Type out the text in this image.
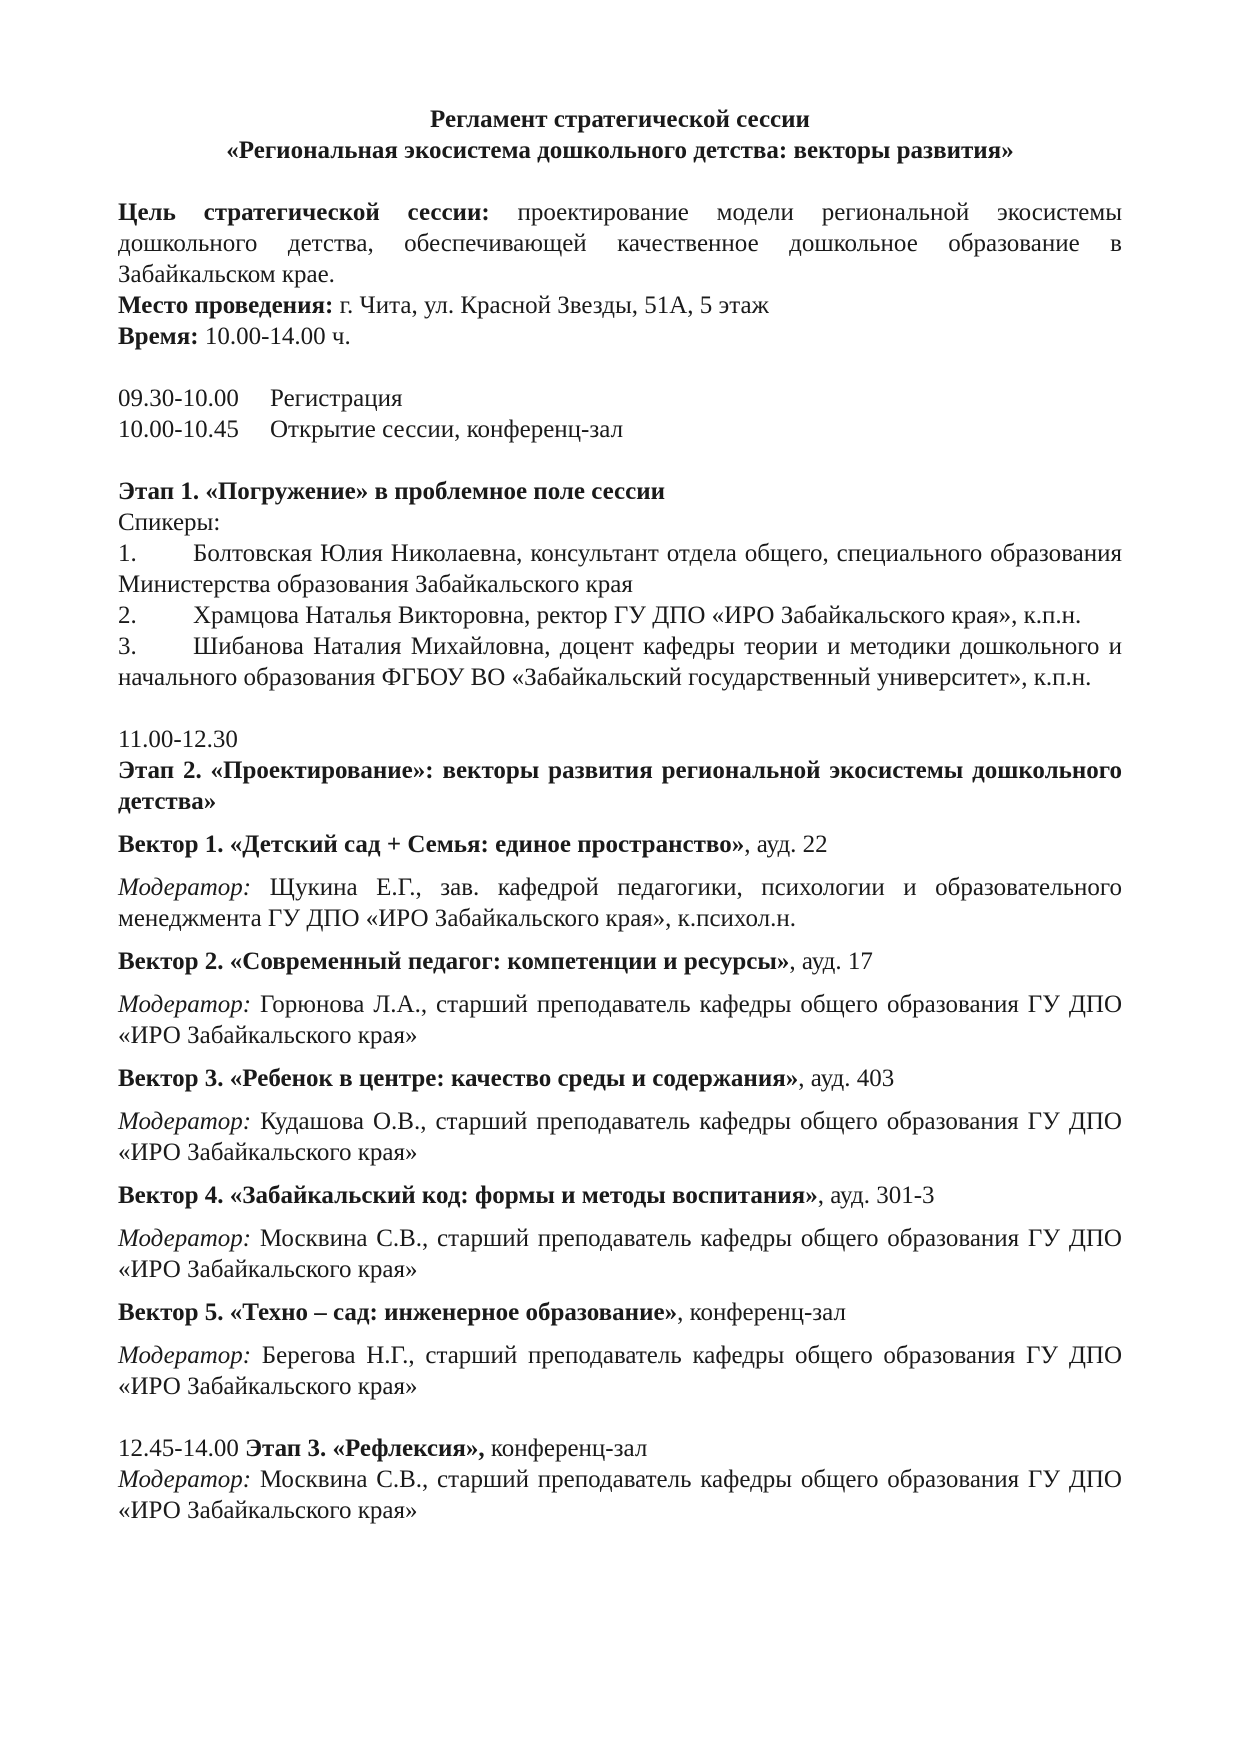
Регламент стратегической сессии
«Региональная экосистема дошкольного детства: векторы развития»
Цель стратегической сессии: проектирование модели региональной экосистемы дошкольного детства, обеспечивающей качественное дошкольное образование в Забайкальском крае.
Место проведения: г. Чита, ул. Красной Звезды, 51А, 5 этаж
Время: 10.00-14.00 ч.
09.30-10.00 Регистрация
10.00-10.45 Открытие сессии, конференц-зал
Этап 1. «Погружение» в проблемное поле сессии
Спикеры:
1. Болтовская Юлия Николаевна, консультант отдела общего, специального образования Министерства образования Забайкальского края
2. Храмцова Наталья Викторовна, ректор ГУ ДПО «ИРО Забайкальского края», к.п.н.
3. Шибанова Наталия Михайловна, доцент кафедры теории и методики дошкольного и начального образования ФГБОУ ВО «Забайкальский государственный университет», к.п.н.
11.00-12.30
Этап 2. «Проектирование»: векторы развития региональной экосистемы дошкольного детства»
Вектор 1. «Детский сад + Семья: единое пространство», ауд. 22
Модератор: Щукина Е.Г., зав. кафедрой педагогики, психологии и образовательного менеджмента ГУ ДПО «ИРО Забайкальского края», к.психол.н.
Вектор 2. «Современный педагог: компетенции и ресурсы», ауд. 17
Модератор: Горюнова Л.А., старший преподаватель кафедры общего образования ГУ ДПО «ИРО Забайкальского края»
Вектор 3. «Ребенок в центре: качество среды и содержания», ауд. 403
Модератор: Кудашова О.В., старший преподаватель кафедры общего образования ГУ ДПО «ИРО Забайкальского края»
Вектор 4. «Забайкальский код: формы и методы воспитания», ауд. 301-3
Модератор: Москвина С.В., старший преподаватель кафедры общего образования ГУ ДПО «ИРО Забайкальского края»
Вектор 5. «Техно – сад: инженерное образование», конференц-зал
Модератор: Берегова Н.Г., старший преподаватель кафедры общего образования ГУ ДПО «ИРО Забайкальского края»
12.45-14.00 Этап 3. «Рефлексия», конференц-зал
Модератор: Москвина С.В., старший преподаватель кафедры общего образования ГУ ДПО «ИРО Забайкальского края»
